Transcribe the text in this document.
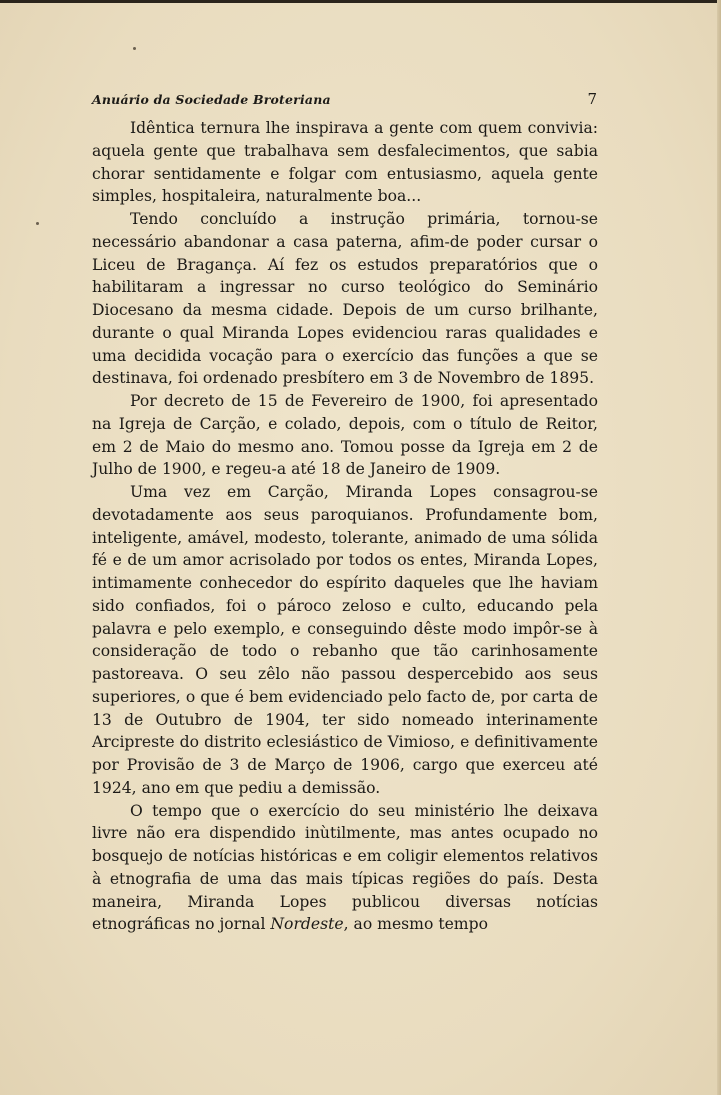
Anuário da Sociedade Broteriana	7

Idêntica ternura lhe inspirava a gente com quem convivia: aquela gente que trabalhava sem desfalecimentos, que sabia chorar sentidamente e folgar com entusiasmo, aquela gente simples, hospitaleira, naturalmente boa...

Tendo concluído a instrução primária, tornou-se necessário abandonar a casa paterna, afim-de poder cursar o Liceu de Bragança. Aí fez os estudos preparatórios que o habilitaram a ingressar no curso teológico do Seminário Diocesano da mesma cidade. Depois de um curso brilhante, durante o qual Miranda Lopes evidenciou raras qualidades e uma decidida vocação para o exercício das funções a que se destinava, foi ordenado presbítero em 3 de Novembro de 1895.

Por decreto de 15 de Fevereiro de 1900, foi apresentado na Igreja de Carção, e colado, depois, com o título de Reitor, em 2 de Maio do mesmo ano. Tomou posse da Igreja em 2 de Julho de 1900, e regeu-a até 18 de Janeiro de 1909.

Uma vez em Carção, Miranda Lopes consagrou-se devotadamente aos seus paroquianos. Profundamente bom, inteligente, amável, modesto, tolerante, animado de uma sólida fé e de um amor acrisolado por todos os entes, Miranda Lopes, intimamente conhecedor do espírito daqueles que lhe haviam sido confiados, foi o pároco zeloso e culto, educando pela palavra e pelo exemplo, e conseguindo dêste modo impôr-se à consideração de todo o rebanho que tão carinhosamente pastoreava. O seu zêlo não passou despercebido aos seus superiores, o que é bem evidenciado pelo facto de, por carta de 13 de Outubro de 1904, ter sido nomeado interinamente Arcipreste do distrito eclesiástico de Vimioso, e definitivamente por Provisão de 3 de Março de 1906, cargo que exerceu até 1924, ano em que pediu a demissão.

O tempo que o exercício do seu ministério lhe deixava livre não era dispendido inùtilmente, mas antes ocupado no bosquejo de notícias históricas e em coligir elementos relativos à etnografia de uma das mais típicas regiões do país. Desta maneira, Miranda Lopes publicou diversas notícias etnográficas no jornal Nordeste, ao mesmo tempo
